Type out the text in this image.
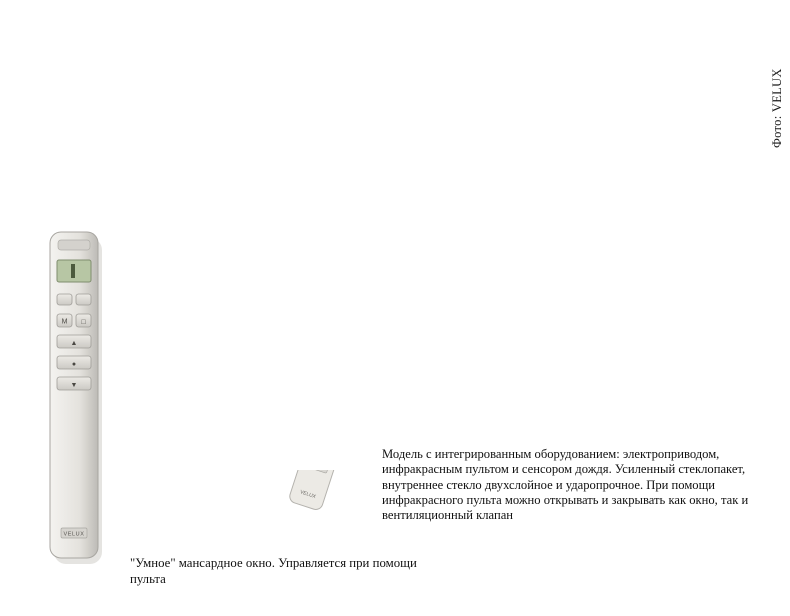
Фото: VELUX
VELUX
M □
▲
●
▼
VELUX
Модель с интегрированным оборудованием: электроприводом, инфракрасным пультом и сенсором дождя. Усиленный стеклопакет, внутреннее стекло двухслойное и ударопрочное. При помощи инфракрасного пульта можно открывать и закрывать как окно, так и вентиляционный клапан
"Умное" мансардное окно. Управляется при помощи пульта
